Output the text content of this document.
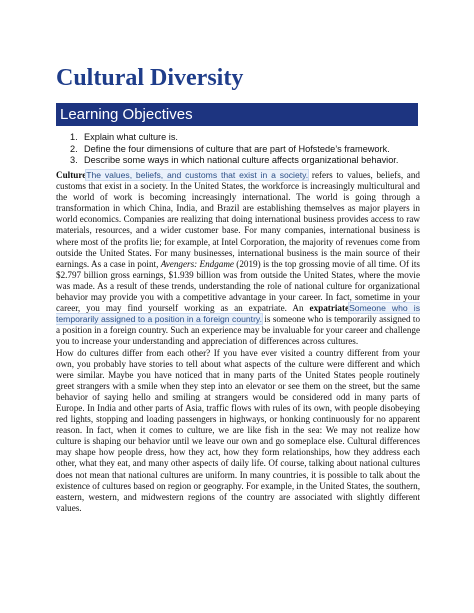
Cultural Diversity
Learning Objectives
1. Explain what culture is.
2. Define the four dimensions of culture that are part of Hofstede’s framework.
3. Describe some ways in which national culture affects organizational behavior.

CultureThe values, beliefs, and customs that exist in a society. refers to values, beliefs, and customs that exist in a society. In the United States, the workforce is increasingly multicultural and the world of work is becoming increasingly international. The world is going through a transformation in which China, India, and Brazil are establishing themselves as major players in world economics. Companies are realizing that doing international business provides access to raw materials, resources, and a wider customer base. For many companies, international business is where most of the profits lie; for example, at Intel Corporation, the majority of revenues come from outside the United States. For many businesses, international business is the main source of their earnings. As a case in point, Avengers: Endgame (2019) is the top grossing movie of all time. Of its $2.797 billion gross earnings, $1.939 billion was from outside the United States, where the movie was made. As a result of these trends, understanding the role of national culture for organizational behavior may provide you with a competitive advantage in your career. In fact, sometime in your career, you may find yourself working as an expatriate. An expatriateSomeone who is temporarily assigned to a position in a foreign country. is someone who is temporarily assigned to a position in a foreign country. Such an experience may be invaluable for your career and challenge you to increase your understanding and appreciation of differences across cultures.

How do cultures differ from each other? If you have ever visited a country different from your own, you probably have stories to tell about what aspects of the culture were different and which were similar. Maybe you have noticed that in many parts of the United States people routinely greet strangers with a smile when they step into an elevator or see them on the street, but the same behavior of saying hello and smiling at strangers would be considered odd in many parts of Europe. In India and other parts of Asia, traffic flows with rules of its own, with people disobeying red lights, stopping and loading passengers in highways, or honking continuously for no apparent reason. In fact, when it comes to culture, we are like fish in the sea: We may not realize how culture is shaping our behavior until we leave our own and go someplace else. Cultural differences may shape how people dress, how they act, how they form relationships, how they address each other, what they eat, and many other aspects of daily life. Of course, talking about national cultures does not mean that national cultures are uniform. In many countries, it is possible to talk about the existence of cultures based on region or geography. For example, in the United States, the southern, eastern, western, and midwestern regions of the country are associated with slightly different values.
